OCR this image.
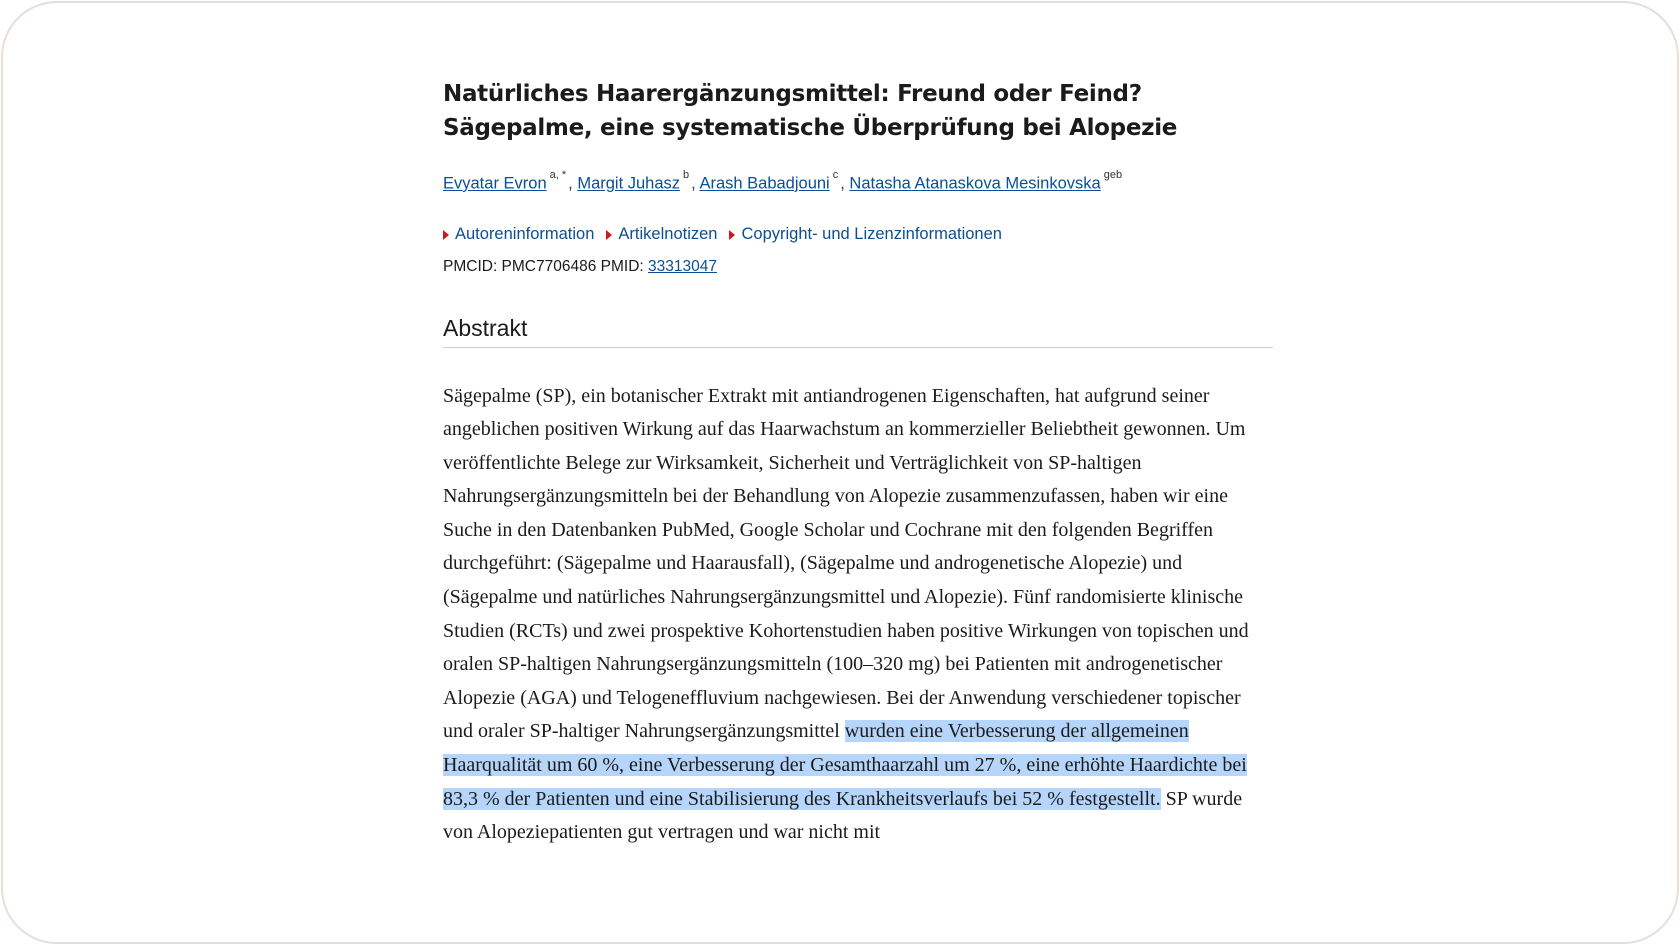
Natürliches Haarergänzungsmittel: Freund oder Feind? Sägepalme, eine systematische Überprüfung bei Alopezie
Evyatar Evron $^{a, *}$ , Margit Juhasz $^b$ , Arash Babadjouni $^c$ , Natasha Atanaskova Mesinkovska $^{geb}$
Autoreninformation	Artikelnotizen	Copyright- und Lizenzinformationen
PMCID: PMC7706486 PMID: 33313047
Abstrakt

Sägepalme (SP), ein botanischer Extrakt mit antiandrogenen Eigenschaften, hat aufgrund seiner angeblichen positiven Wirkung auf das Haarwachstum an kommerzieller Beliebtheit gewonnen. Um veröffentlichte Belege zur Wirksamkeit, Sicherheit und Verträglichkeit von SP-haltigen Nahrungsergänzungsmitteln bei der Behandlung von Alopezie zusammenzufassen, haben wir eine Suche in den Datenbanken PubMed, Google Scholar und Cochrane mit den folgenden Begriffen durchgeführt: (Sägepalme und Haarausfall), (Sägepalme und androgenetische Alopezie) und (Sägepalme und natürliches Nahrungsergänzungsmittel und Alopezie). Fünf randomisierte klinische Studien (RCTs) und zwei prospektive Kohortenstudien haben positive Wirkungen von topischen und oralen SP-haltigen Nahrungsergänzungsmitteln (100–320 mg) bei Patienten mit androgenetischer Alopezie (AGA) und Telogeneffluvium nachgewiesen. Bei der Anwendung verschiedener topischer und oraler SP-haltiger Nahrungsergänzungsmittel wurden eine Verbesserung der allgemeinen Haarqualität um 60 %, eine Verbesserung der Gesamthaarzahl um 27 %, eine erhöhte Haardichte bei 83,3 % der Patienten und eine Stabilisierung des Krankheitsverlaufs bei 52 % festgestellt. SP wurde von Alopeziepatienten gut vertragen und war nicht mit
